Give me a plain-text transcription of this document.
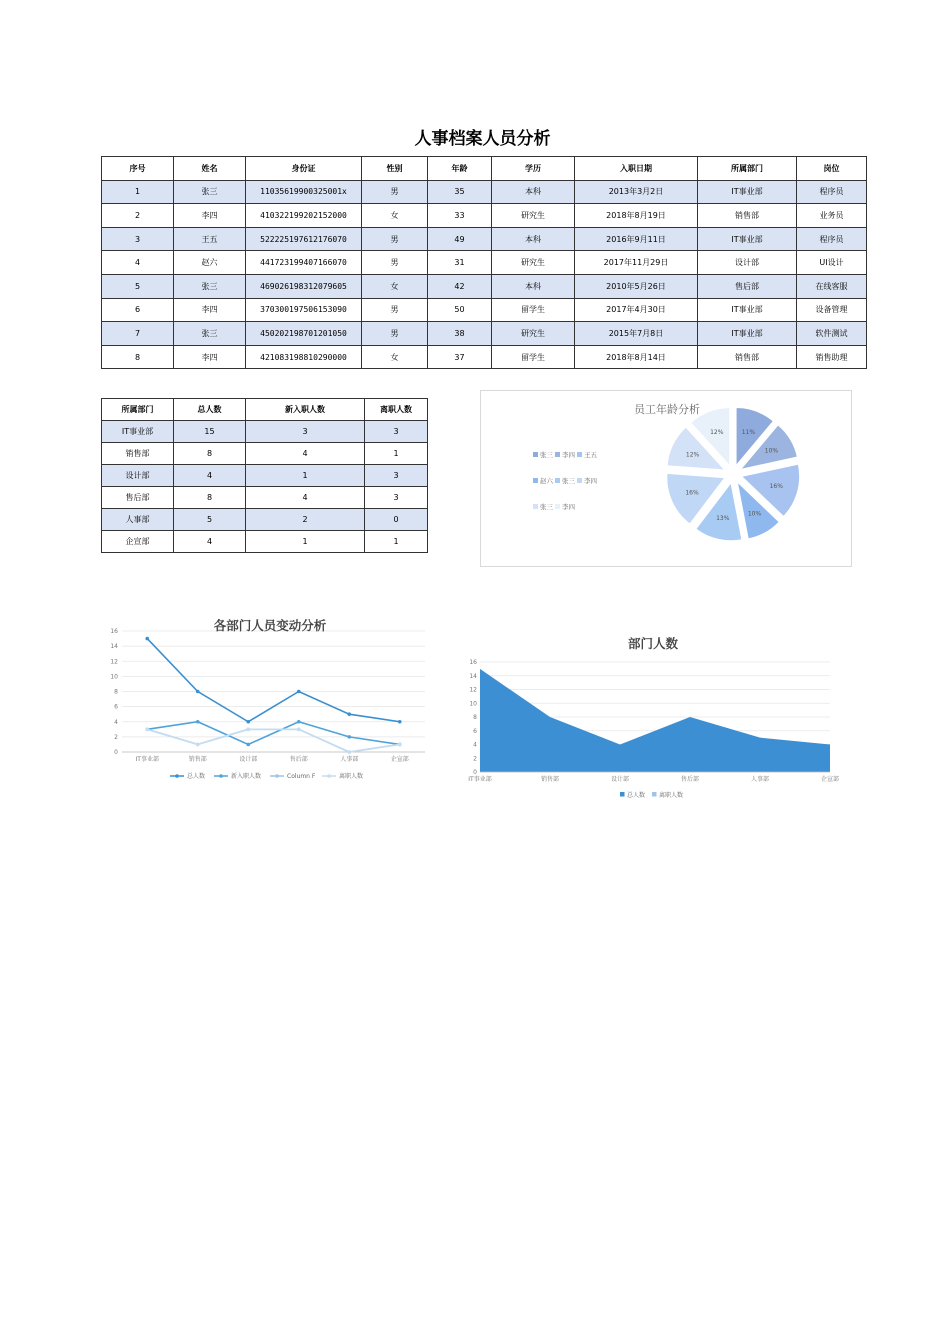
人事档案人员分析
序号	姓名	身份证	性别	年龄	学历	入职日期	所属部门	岗位
1	张三	11035619900325001x	男	35	本科	2013年3月2日	IT事业部	程序员
2	李四	410322199202152000	女	33	研究生	2018年8月19日	销售部	业务员
3	王五	522225197612176070	男	49	本科	2016年9月11日	IT事业部	程序员
4	赵六	441723199407166070	男	31	研究生	2017年11月29日	设计部	UI设计
5	张三	469026198312079605	女	42	本科	2010年5月26日	售后部	在线客服
6	李四	370300197506153090	男	50	留学生	2017年4月30日	IT事业部	设备管理
7	张三	450202198701201050	男	38	研究生	2015年7月8日	IT事业部	软件测试
8	李四	421083198810290000	女	37	留学生	2018年8月14日	销售部	销售助理
所属部门	总人数	新入职人数	离职人数
IT事业部	15	3	3
销售部	8	4	1
设计部	4	1	3
售后部	8	4	3
人事部	5	2	0
企宣部	4	1	1
员工年龄分析
11%
10%
16%
10%
13%
16%
12%
12%
张三 李四 王五
赵六 张三 李四
张三 李四
0
2
4
6
8
10
12
14
16
IT事业部	销售部	设计部	售后部	人事部	企宣部
各部门人员变动分析
总人数	新入职人数	Column F	离职人数
部门人数
0
2
4
6
8
10
12
14
16
IT事业部	销售部	设计部	售后部	人事部	企宣部
总人数 离职人数
